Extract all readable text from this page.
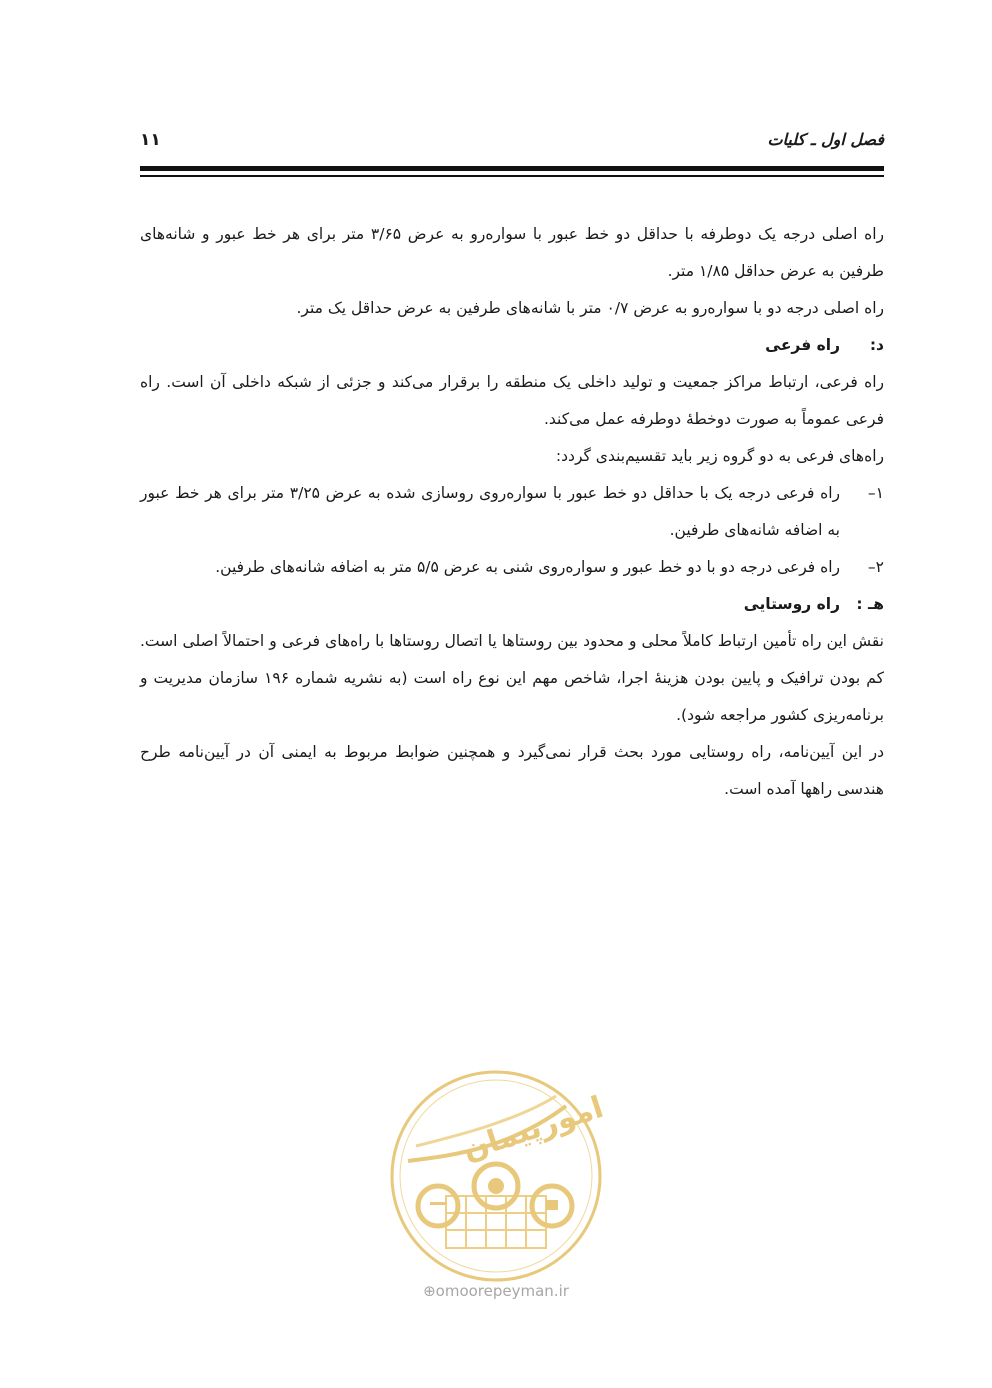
فصل اول ـ کلیات
۱۱

راه اصلی درجه یک دوطرفه با حداقل دو خط عبور با سواره‌رو به عرض ۳/۶۵ متر برای هر خط عبور و شانه‌های طرفین به عرض حداقل ۱/۸۵ متر.

راه اصلی درجه دو با سواره‌رو به عرض ۰/۷ متر با شانه‌های طرفین به عرض حداقل یک متر.

د:راه فرعی

راه فرعی، ارتباط مراکز جمعیت و تولید داخلی یک منطقه را برقرار می‌کند و جزئی از شبکه داخلی آن است. راه فرعی عموماً به صورت دوخطهٔ دوطرفه عمل می‌کند.

راه‌های فرعی به دو گروه زیر باید تقسیم‌بندی گردد:

۱–
راه فرعی درجه یک با حداقل دو خط عبور با سواره‌روی روسازی شده به عرض ۳/۲۵ متر برای هر خط عبور به اضافه شانه‌های طرفین.
۲–
راه فرعی درجه دو با دو خط عبور و سواره‌روی شنی به عرض ۵/۵ متر به اضافه شانه‌های طرفین.

هـ :راه روستایی

نقش این راه تأمین ارتباط کاملاً محلی و محدود بین روستاها یا اتصال روستاها با راه‌های فرعی و احتمالاً اصلی است. کم بودن ترافیک و پایین بودن هزینهٔ اجرا، شاخص مهم این نوع راه است (به نشریه شماره ۱۹۶ سازمان مدیریت و برنامه‌ریزی کشور مراجعه شود).

در این آیین‌نامه، راه روستایی مورد بحث قرار نمی‌گیرد و همچنین ضوابط مربوط به ایمنی آن در آیین‌نامه طرح هندسی راهها آمده است.

امورپیمان
⊕omoorepeyman.ir
